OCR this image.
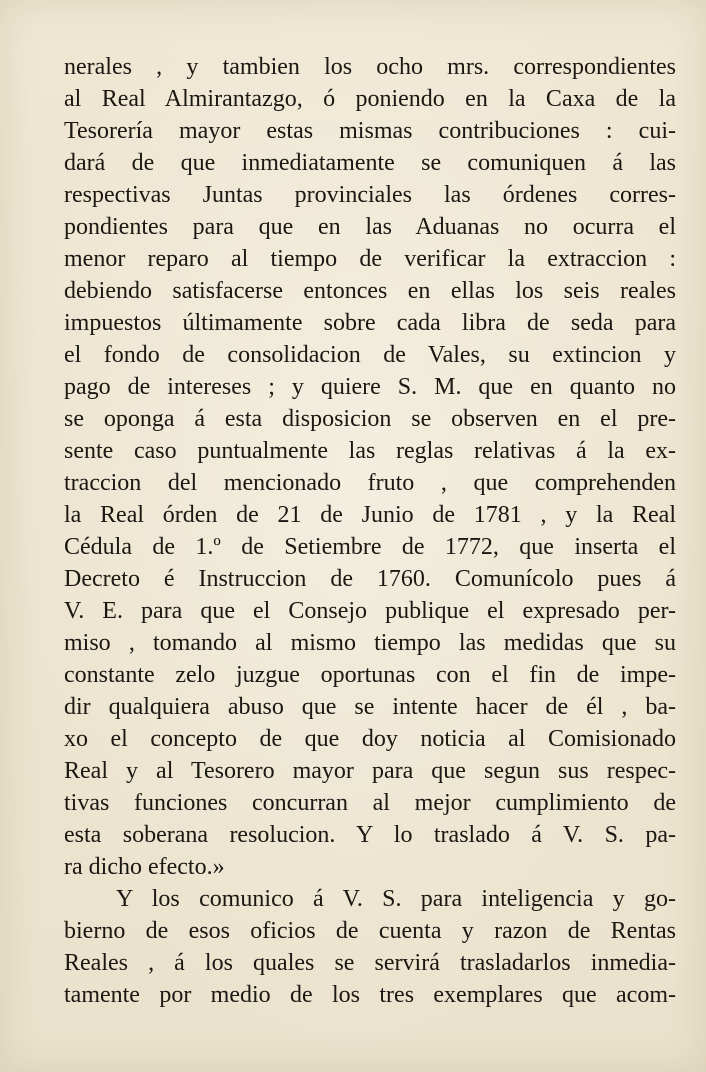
nerales , y tambien los ocho mrs. correspondientes
al Real Almirantazgo, ó poniendo en la Caxa de la
Tesorería mayor estas mismas contribuciones : cui-
dará de que inmediatamente se comuniquen á las
respectivas Juntas provinciales las órdenes corres-
pondientes para que en las Aduanas no ocurra el
menor reparo al tiempo de verificar la extraccion :
debiendo satisfacerse entonces en ellas los seis reales
impuestos últimamente sobre cada libra de seda para
el fondo de consolidacion de Vales, su extincion y
pago de intereses ; y quiere S. M. que en quanto no
se oponga á esta disposicion se observen en el pre-
sente caso puntualmente las reglas relativas á la ex-
traccion del mencionado fruto , que comprehenden
la Real órden de 21 de Junio de 1781 , y la Real
Cédula de 1.º de Setiembre de 1772, que inserta el
Decreto é Instruccion de 1760. Comunícolo pues á
V. E. para que el Consejo publique el expresado per-
miso , tomando al mismo tiempo las medidas que su
constante zelo juzgue oportunas con el fin de impe-
dir qualquiera abuso que se intente hacer de él , ba-
xo el concepto de que doy noticia al Comisionado
Real y al Tesorero mayor para que segun sus respec-
tivas funciones concurran al mejor cumplimiento de
esta soberana resolucion. Y lo traslado á V. S. pa-
ra dicho efecto.»
Y los comunico á V. S. para inteligencia y go-
bierno de esos oficios de cuenta y razon de Rentas
Reales , á los quales se servirá trasladarlos inmedia-
tamente por medio de los tres exemplares que acom-
